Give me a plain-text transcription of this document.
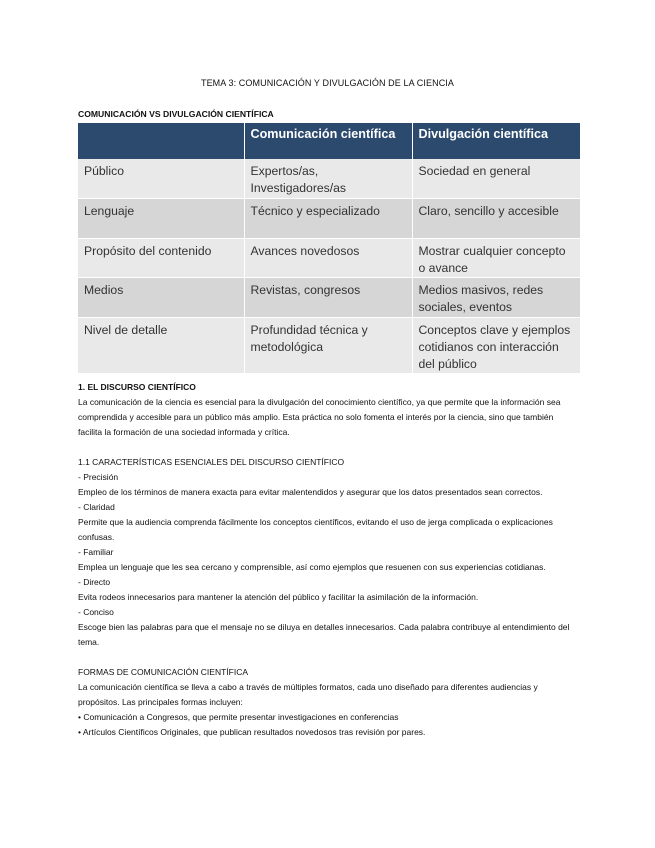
TEMA 3: COMUNICACIÓN Y DIVULGACIÓN DE LA CIENCIA
COMUNICACIÓN VS DIVULGACIÓN CIENTÍFICA
	Comunicación científica	Divulgación científica
Público	Expertos/as, Investigadores/as	Sociedad en general
Lenguaje	Técnico y especializado	Claro, sencillo y accesible
Propósito del contenido	Avances novedosos	Mostrar cualquier concepto o avance
Medios	Revistas, congresos	Medios masivos, redes sociales, eventos
Nivel de detalle	Profundidad técnica y metodológica	Conceptos clave y ejemplos cotidianos con interacción del público

1. EL DISCURSO CIENTÍFICO

La comunicación de la ciencia es esencial para la divulgación del conocimiento científico, ya que permite que la información sea comprendida y accesible para un público más amplio. Esta práctica no solo fomenta el interés por la ciencia, sino que también facilita la formación de una sociedad informada y crítica.

1.1 CARACTERÍSTICAS ESENCIALES DEL DISCURSO CIENTÍFICO

- Precisión

Empleo de los términos de manera exacta para evitar malentendidos y asegurar que los datos presentados sean correctos.

- Claridad

Permite que la audiencia comprenda fácilmente los conceptos científicos, evitando el uso de jerga complicada o explicaciones confusas.

- Familiar

Emplea un lenguaje que les sea cercano y comprensible, así como ejemplos que resuenen con sus experiencias cotidianas.

- Directo

Evita rodeos innecesarios para mantener la atención del público y facilitar la asimilación de la información.

- Conciso

Escoge bien las palabras para que el mensaje no se diluya en detalles innecesarios. Cada palabra contribuye al entendimiento del tema.

FORMAS DE COMUNICACIÓN CIENTÍFICA

La comunicación científica se lleva a cabo a través de múltiples formatos, cada uno diseñado para diferentes audiencias y propósitos. Las principales formas incluyen:

• Comunicación a Congresos, que permite presentar investigaciones en conferencias

• Artículos Científicos Originales, que publican resultados novedosos tras revisión por pares.
